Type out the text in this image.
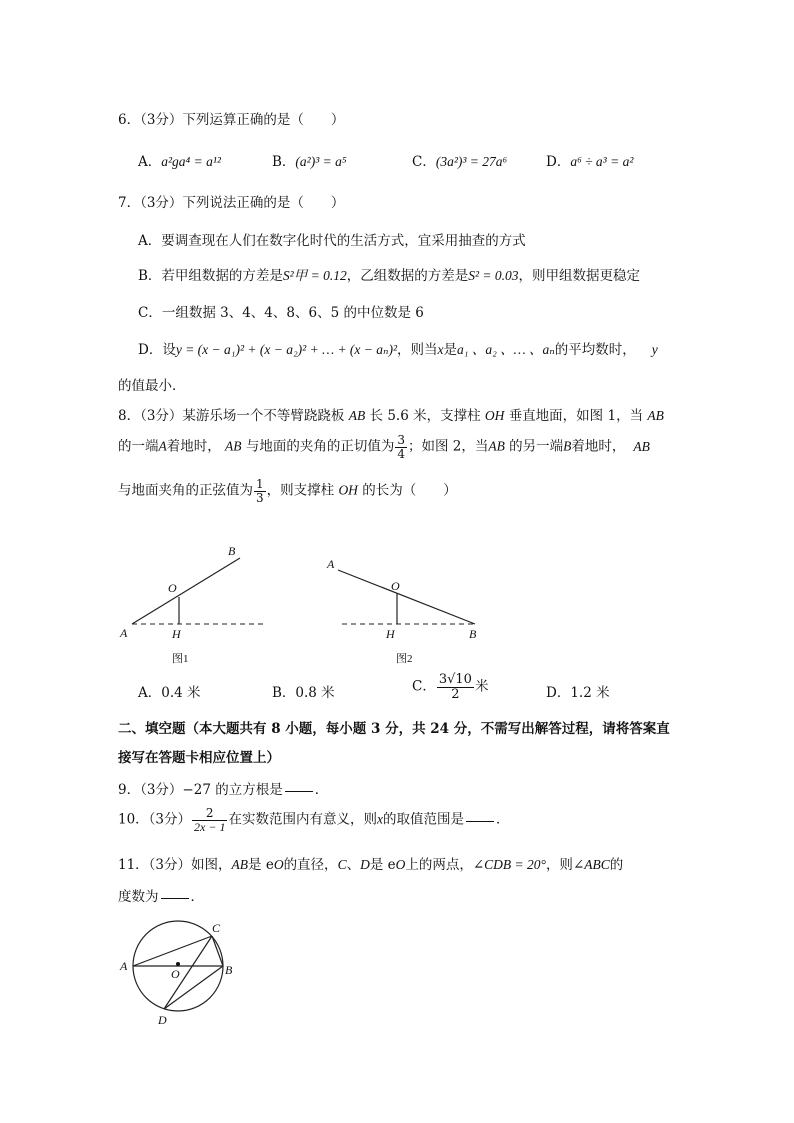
6．（3分）下列运算正确的是（　　）
A．a²ga⁴ = a¹²	B．(a²)³ = a⁵	C．(3a²)³ = 27a⁶	D．a⁶ ÷ a³ = a²
7．（3分）下列说法正确的是（　　）
A．要调查现在人们在数字化时代的生活方式，宜采用抽查的方式
B．若甲组数据的方差是S²甲 = 0.12，乙组数据的方差是S² = 0.03，则甲组数据更稳定
C．一组数据 3、4、4、8、6、5 的中位数是 6
D．设y = (x − a₁)² + (x − a₂)² + … + (x − aₙ)²，则当x是a₁ 、a₂ 、… 、aₙ的平均数时， y
的值最小．
8．（3分）某游乐场一个不等臂跷跷板 AB 长 5.6 米，支撑柱 OH 垂直地面，如图 1，当 AB
的一端A着地时， AB 与地面的夹角的正切值为 $\frac{3}{4}$ ；如图 2，当AB 的另一端B着地时， AB
与地面夹角的正弦值为 $\frac{1}{3}$ ，则支撑柱 OH 的长为（　　）
A
B
O
H
图1
A
B
O
H
图2
A．0.4 米	B．0.8 米	C． $\frac{3√10}{2}$ 米	D．1.2 米
二、填空题（本大题共有 8 小题，每小题 3 分，共 24 分，不需写出解答过程，请将答案直
接写在答题卡相应位置上）
9．（3分）−27 的立方根是 ．
10．（3分） $\frac{2}{2x - 1}$ 在实数范围内有意义，则x的取值范围是 ．
11．（3分）如图，AB是 eO的直径，C、D是 eO上的两点，∠CDB = 20°，则∠ABC的
度数为 ．
A	B
C
D
O
